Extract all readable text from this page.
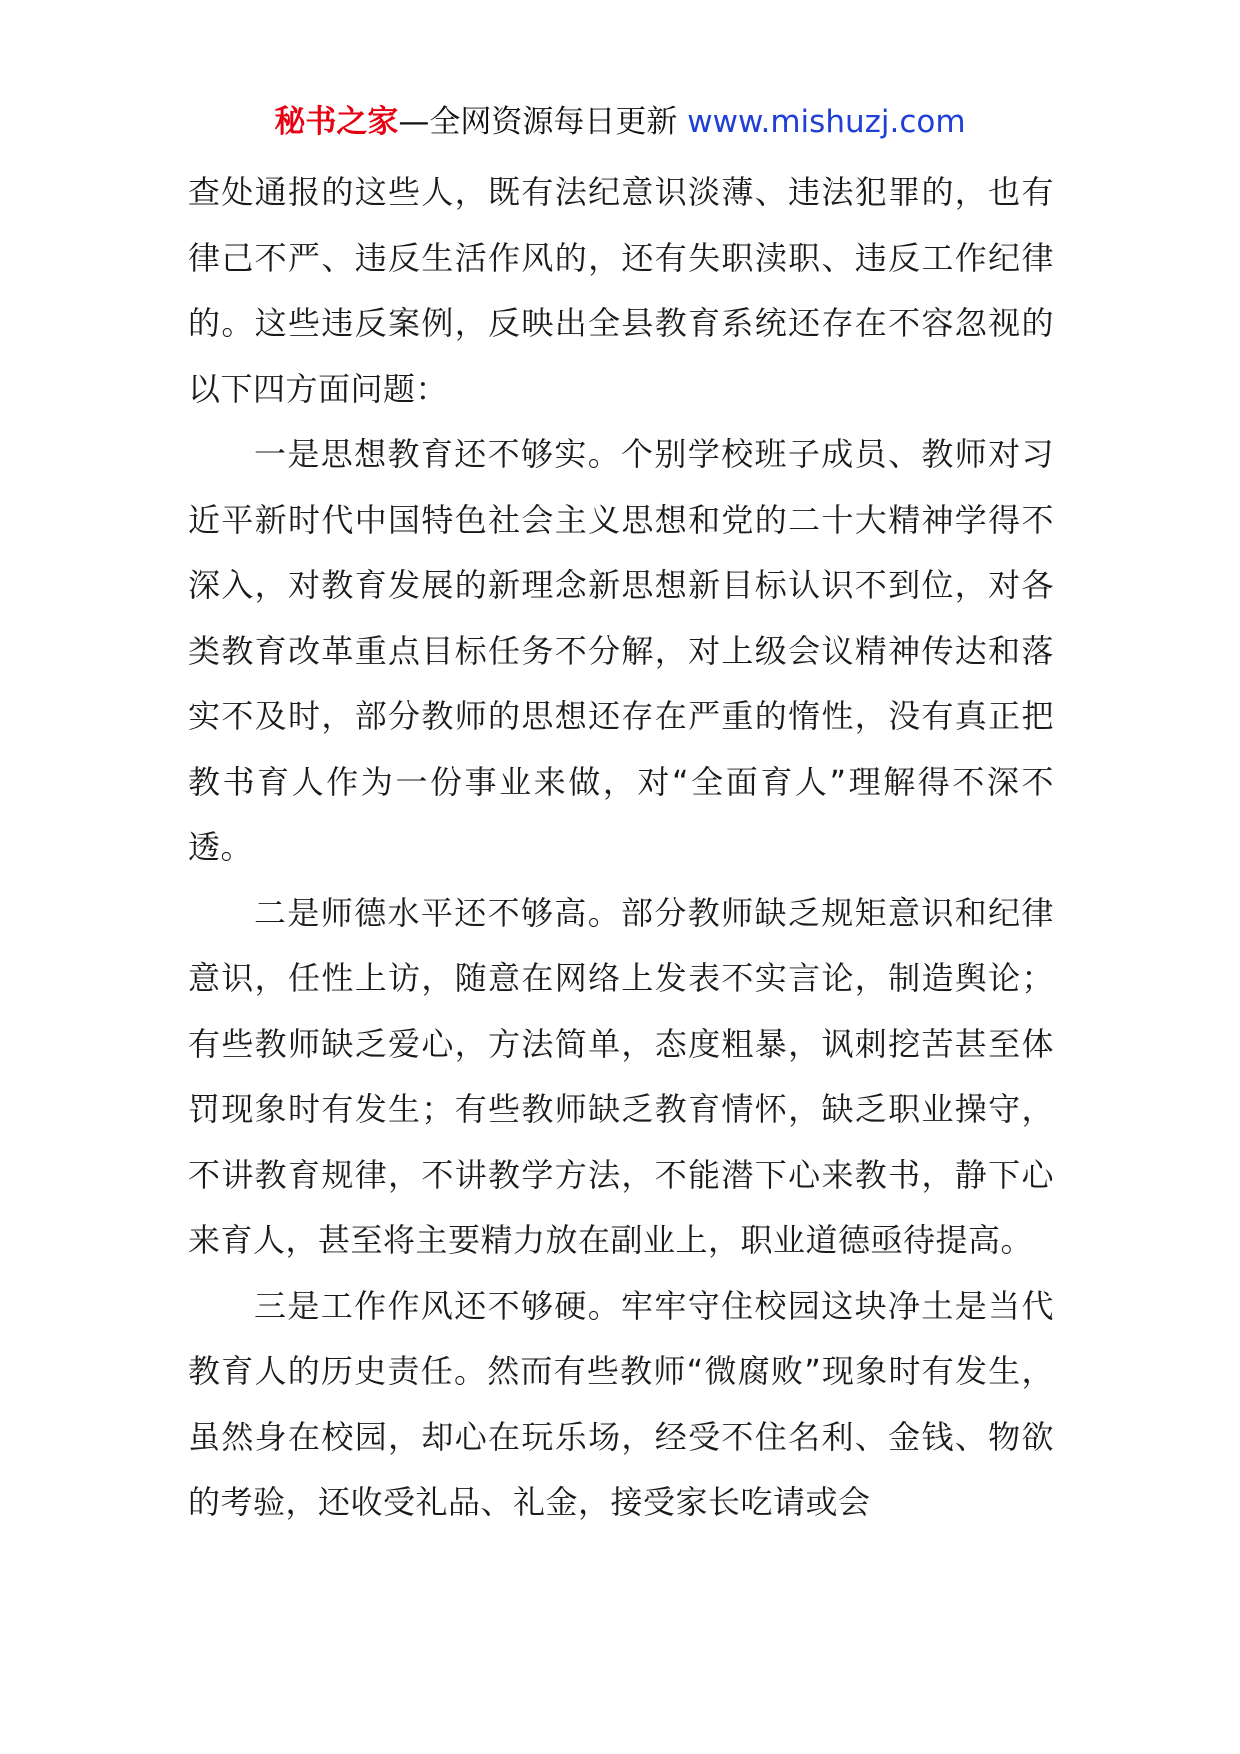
秘书之家—全网资源每日更新 www.mishuzj.com

查处通报的这些人，既有法纪意识淡薄、违法犯罪的，也有律己不严、违反生活作风的，还有失职渎职、违反工作纪律的。这些违反案例，反映出全县教育系统还存在不容忽视的以下四方面问题：

一是思想教育还不够实。个别学校班子成员、教师对习近平新时代中国特色社会主义思想和党的二十大精神学得不深入，对教育发展的新理念新思想新目标认识不到位，对各类教育改革重点目标任务不分解，对上级会议精神传达和落实不及时，部分教师的思想还存在严重的惰性，没有真正把教书育人作为一份事业来做，对“全面育人”理解得不深不透。

二是师德水平还不够高。部分教师缺乏规矩意识和纪律意识，任性上访，随意在网络上发表不实言论，制造舆论；有些教师缺乏爱心，方法简单，态度粗暴，讽刺挖苦甚至体罚现象时有发生；有些教师缺乏教育情怀，缺乏职业操守，不讲教育规律，不讲教学方法，不能潜下心来教书，静下心来育人，甚至将主要精力放在副业上，职业道德亟待提高。

三是工作作风还不够硬。牢牢守住校园这块净土是当代教育人的历史责任。然而有些教师“微腐败”现象时有发生，虽然身在校园，却心在玩乐场，经受不住名利、金钱、物欲的考验，还收受礼品、礼金，接受家长吃请或会
